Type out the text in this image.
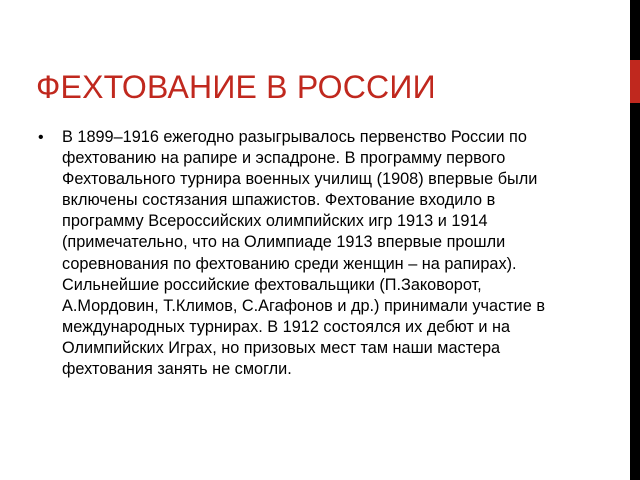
ФЕХТОВАНИЕ В РОССИИ
• В 1899–1916 ежегодно разыгрывалось первенство России по фехтованию на рапире и эспадроне. В программу первого Фехтовального турнира военных училищ (1908) впервые были включены состязания шпажистов. Фехтование входило в программу Всероссийских олимпийских игр 1913 и 1914 (примечательно, что на Олимпиаде 1913 впервые прошли соревнования по фехтованию среди женщин – на рапирах). Сильнейшие российские фехтовальщики (П.Заковорот, А.Мордовин, Т.Климов, С.Агафонов и др.) принимали участие в международных турнирах. В 1912 состоялся их дебют и на Олимпийских Играх, но призовых мест там наши мастера фехтования занять не смогли.
